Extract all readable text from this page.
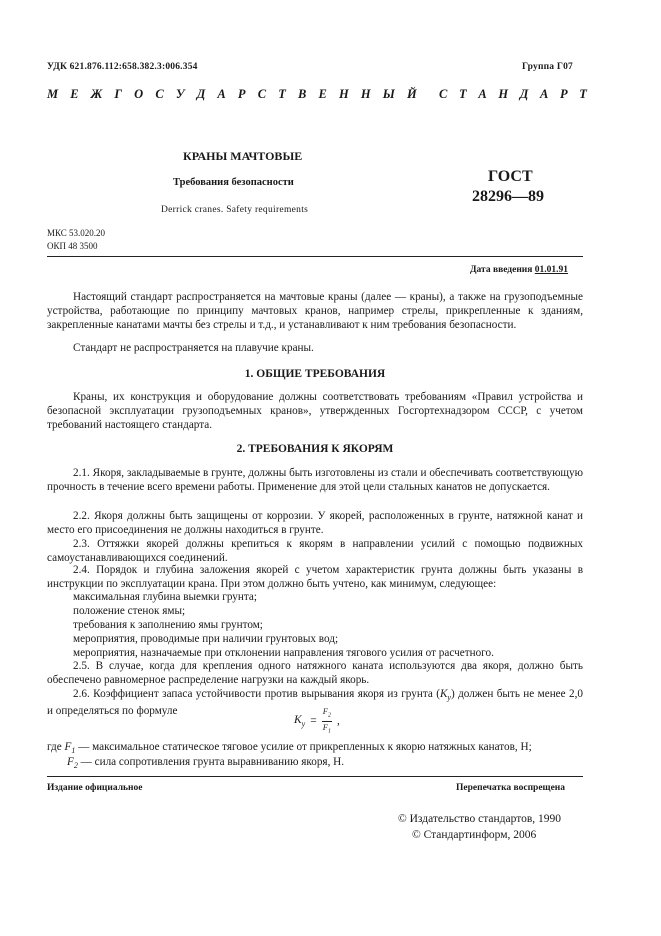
УДК 621.876.112:658.382.3:006.354	Группа Г07
М Е Ж Г О С У Д А Р С Т В Е Н Н Ы Й С Т А Н Д А Р Т
КРАНЫ МАЧТОВЫЕ
Требования безопасности
Derrick cranes. Safety requirements
ГОСТ
28296—89
МКС 53.020.20
ОКП 48 3500
Дата введения 01.01.91
Настоящий стандарт распространяется на мачтовые краны (далее — краны), а также на грузоподъемные устройства, работающие по принципу мачтовых кранов, например стрелы, прикрепленные к зданиям, закрепленные канатами мачты без стрелы и т.д., и устанавливают к ним требования безопасности.
Стандарт не распространяется на плавучие краны.
1. ОБЩИЕ ТРЕБОВАНИЯ
Краны, их конструкция и оборудование должны соответствовать требованиям «Правил устройства и безопасной эксплуатации грузоподъемных кранов», утвержденных Госгортехнадзором СССР, с учетом требований настоящего стандарта.
2. ТРЕБОВАНИЯ К ЯКОРЯМ
2.1. Якоря, закладываемые в грунте, должны быть изготовлены из стали и обеспечивать соответствующую прочность в течение всего времени работы. Применение для этой цели стальных канатов не допускается.
2.2. Якоря должны быть защищены от коррозии. У якорей, расположенных в грунте, натяжной канат и место его присоединения не должны находиться в грунте.
2.3. Оттяжки якорей должны крепиться к якорям в направлении усилий с помощью подвижных самоустанавливающихся соединений.
2.4. Порядок и глубина заложения якорей с учетом характеристик грунта должны быть указаны в инструкции по эксплуатации крана. При этом должно быть учтено, как минимум, следующее:
максимальная глубина выемки грунта;
положение стенок ямы;
требования к заполнению ямы грунтом;
мероприятия, проводимые при наличии грунтовых вод;
мероприятия, назначаемые при отклонении направления тягового усилия от расчетного.
2.5. В случае, когда для крепления одного натяжного каната используются два якоря, должно быть обеспечено равномерное распределение нагрузки на каждый якорь.
2.6. Коэффициент запаса устойчивости против вырывания якоря из грунта $(K_y)$ должен быть не менее 2,0 и определяться по формуле
$K_y = \frac{F_2}{F_1}$ ,
где $F_1$ — максимальное статическое тяговое усилие от прикрепленных к якорю натяжных канатов, Н;
$F_2$ — сила сопротивления грунта выравниванию якоря, Н.
Издание официальное	Перепечатка воспрещена
© Издательство стандартов, 1990
© Стандартинформ, 2006
